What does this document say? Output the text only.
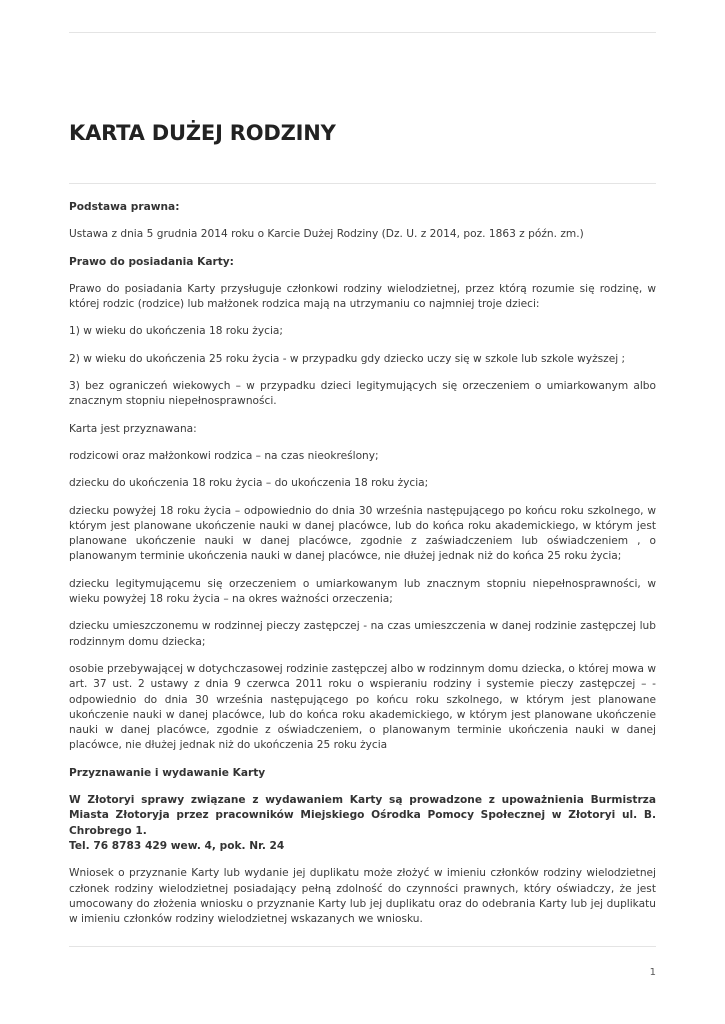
KARTA DUŻEJ RODZINY

Podstawa prawna:

Ustawa z dnia 5 grudnia 2014 roku o Karcie Dużej Rodziny (Dz. U. z 2014, poz. 1863 z późn. zm.)

Prawo do posiadania Karty:

Prawo do posiadania Karty przysługuje członkowi rodziny wielodzietnej, przez którą rozumie się rodzinę, w której rodzic (rodzice) lub małżonek rodzica mają na utrzymaniu co najmniej troje dzieci:

1) w wieku do ukończenia 18 roku życia;

2) w wieku do ukończenia 25 roku życia - w przypadku gdy dziecko uczy się w szkole lub szkole wyższej ;

3) bez ograniczeń wiekowych – w przypadku dzieci legitymujących się orzeczeniem o umiarkowanym albo znacznym stopniu niepełnosprawności.

Karta jest przyznawana:

rodzicowi oraz małżonkowi rodzica – na czas nieokreślony;

dziecku do ukończenia 18 roku życia – do ukończenia 18 roku życia;

dziecku powyżej 18 roku życia – odpowiednio do dnia 30 września następującego po końcu roku szkolnego, w którym jest planowane ukończenie nauki w danej placówce, lub do końca roku akademickiego, w którym jest planowane ukończenie nauki w danej placówce, zgodnie z zaświadczeniem lub oświadczeniem , o planowanym terminie ukończenia nauki w danej placówce, nie dłużej jednak niż do końca 25 roku życia;

dziecku legitymującemu się orzeczeniem o umiarkowanym lub znacznym stopniu niepełnosprawności, w wieku powyżej 18 roku życia – na okres ważności orzeczenia;

dziecku umieszczonemu w rodzinnej pieczy zastępczej - na czas umieszczenia w danej rodzinie zastępczej lub rodzinnym domu dziecka;

osobie przebywającej w dotychczasowej rodzinie zastępczej albo w rodzinnym domu dziecka, o której mowa w art. 37 ust. 2 ustawy z dnia 9 czerwca 2011 roku o wspieraniu rodziny i systemie pieczy zastępczej – -odpowiednio do dnia 30 września następującego po końcu roku szkolnego, w którym jest planowane ukończenie nauki w danej placówce, lub do końca roku akademickiego, w którym jest planowane ukończenie nauki w danej placówce, zgodnie z oświadczeniem, o planowanym terminie ukończenia nauki w danej placówce, nie dłużej jednak niż do ukończenia 25 roku życia

Przyznawanie i wydawanie Karty

W Złotoryi sprawy związane z wydawaniem Karty są prowadzone z upoważnienia Burmistrza Miasta Złotoryja przez pracowników Miejskiego Ośrodka Pomocy Społecznej w Złotoryi ul. B. Chrobrego 1.

Tel. 76 8783 429 wew. 4, pok. Nr. 24

Wniosek o przyznanie Karty lub wydanie jej duplikatu może złożyć w imieniu członków rodziny wielodzietnej członek rodziny wielodzietnej posiadający pełną zdolność do czynności prawnych, który oświadczy, że jest umocowany do złożenia wniosku o przyznanie Karty lub jej duplikatu oraz do odebrania Karty lub jej duplikatu w imieniu członków rodziny wielodzietnej wskazanych we wniosku.

1
